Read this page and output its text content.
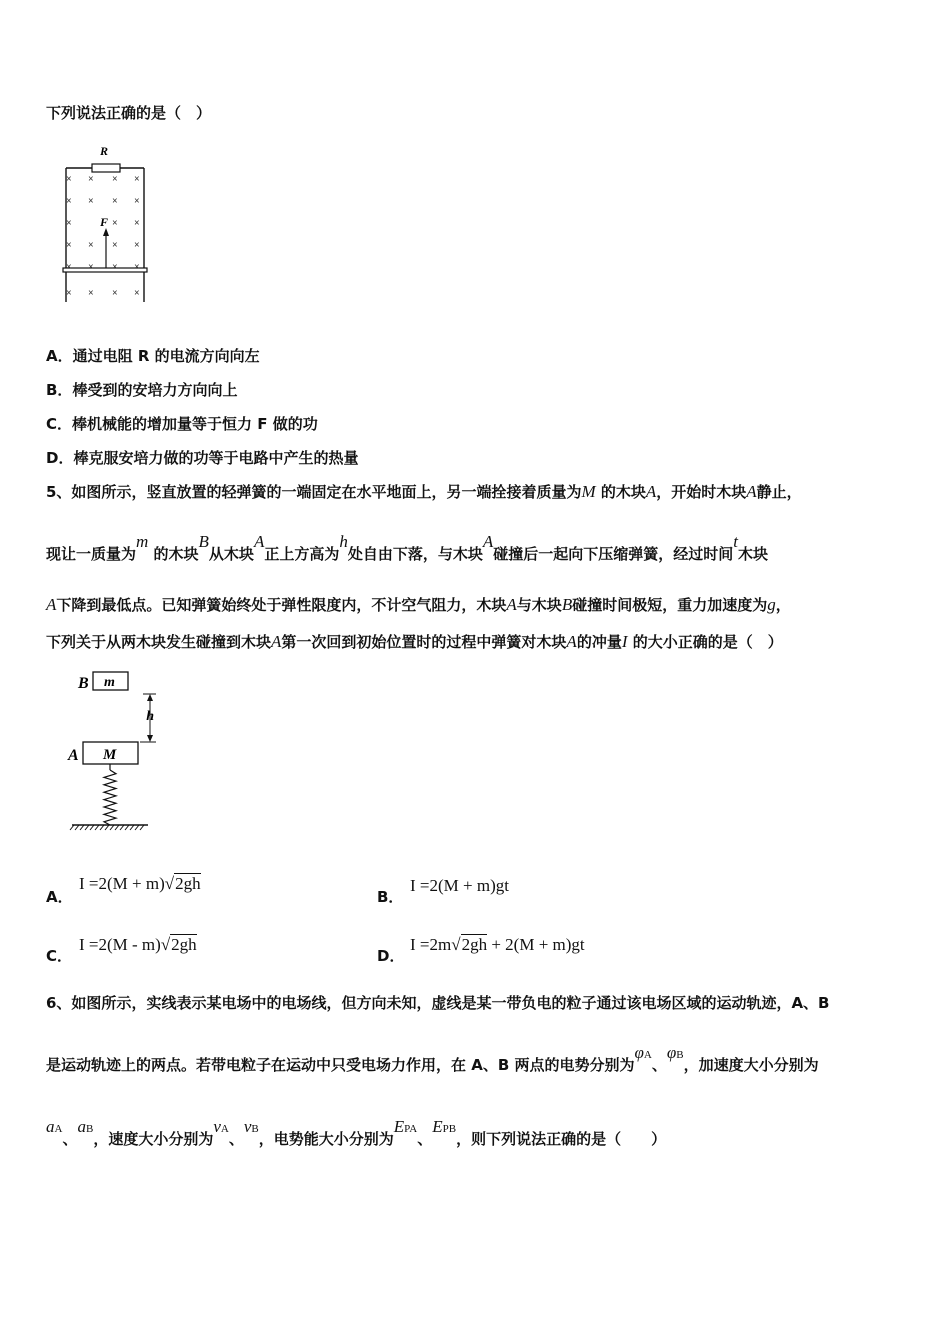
下列说法正确的是（　）
R
F
× × × ×
× × × ×
×	× ×
× × × ×
× × × ×
× × × ×
A．通过电阻 R 的电流方向向左
B．棒受到的安培力方向向上
C．棒机械能的增加量等于恒力 F 做的功
D．棒克服安培力做的功等于电路中产生的热量
5、如图所示，竖直放置的轻弹簧的一端固定在水平地面上，另一端拴接着质量为M 的木块A，开始时木块A静止，
现让一质量为m 的木块B从木块A正上方高为h处自由下落，与木块A碰撞后一起向下压缩弹簧，经过时间t木块
A下降到最低点。已知弹簧始终处于弹性限度内，不计空气阻力，木块A与木块B碰撞时间极短，重力加速度为g，
下列关于从两木块发生碰撞到木块A第一次回到初始位置时的过程中弹簧对木块A的冲量I 的大小正确的是（　）
B m
h
A M
A．
I =2(M + m)√2gh
B．
I =2(M + m)gt
C．
I =2(M - m)√2gh
D．
I =2m√2gh + 2(M + m)gt
6、如图所示，实线表示某电场中的电场线，但方向未知，虚线是某一带负电的粒子通过该电场区域的运动轨迹，A、B
是运动轨迹上的两点。若带电粒子在运动中只受电场力作用，在 A、B 两点的电势分别为$\varphi^A$、$\varphi^B$，加速度大小分别为
$a^A$、$a^B$，速度大小分别为$v^A$、$v^B$，电势能大小分别为$E^{PA}$、$E^{PB}$，则下列说法正确的是（　　）
